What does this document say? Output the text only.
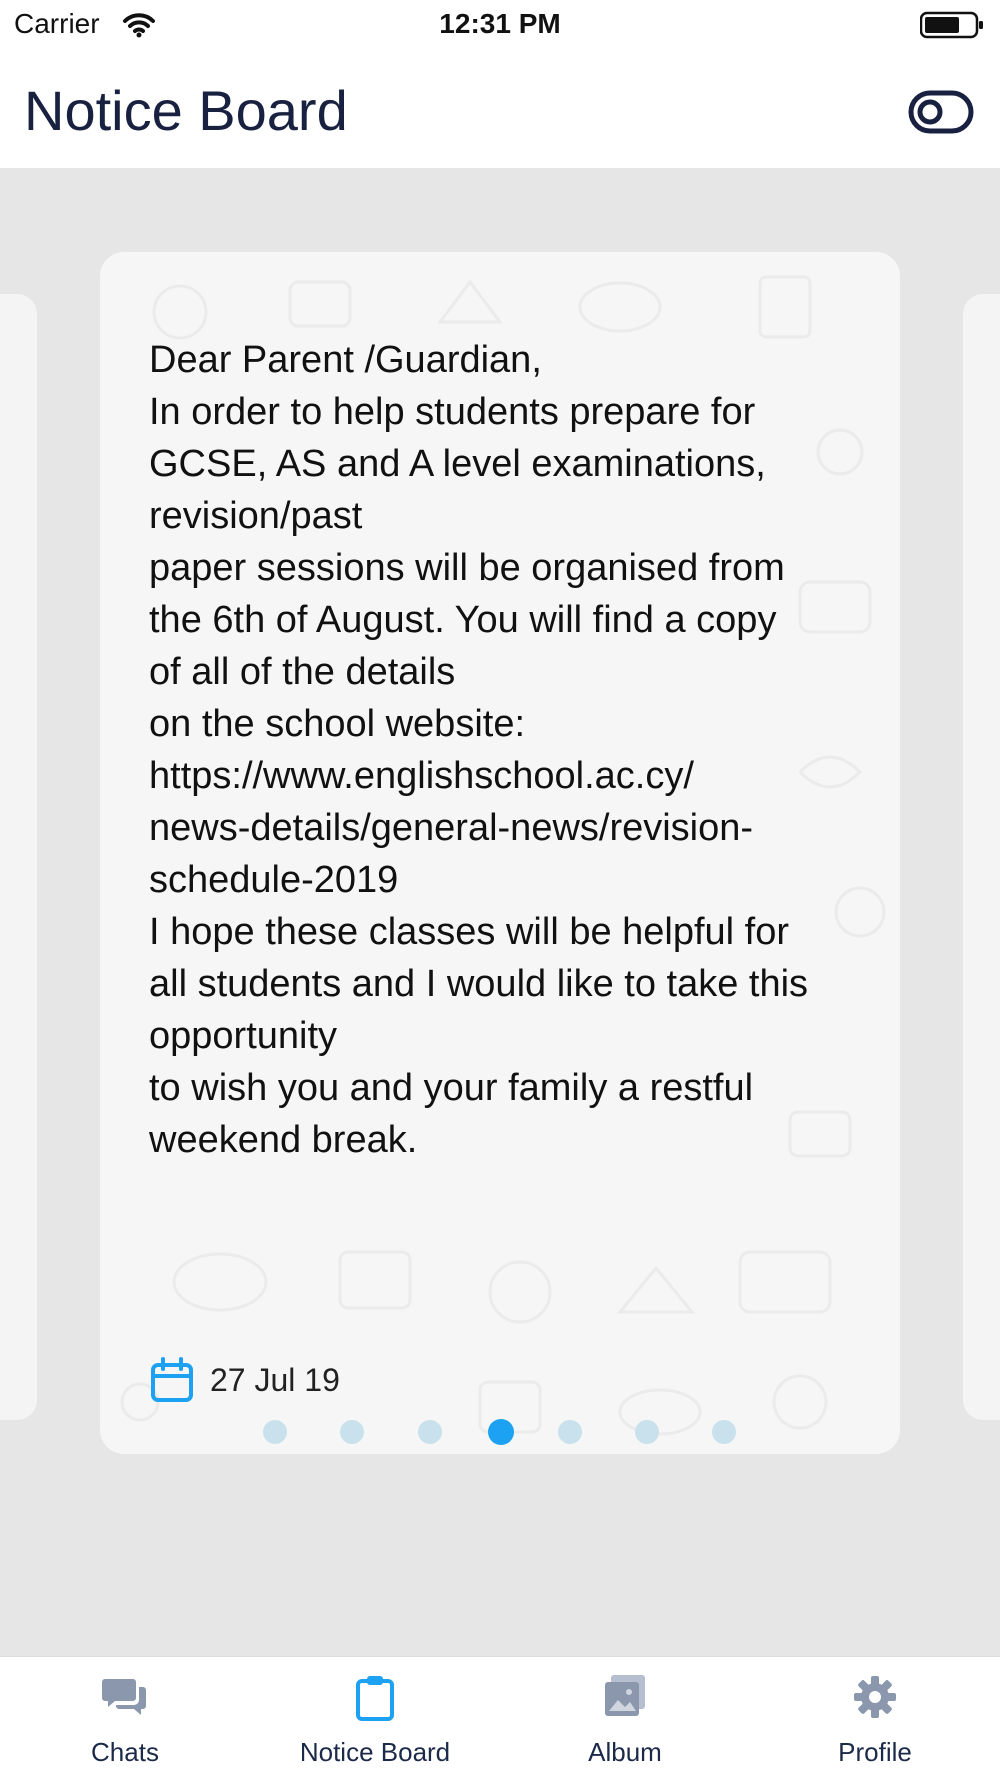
Carrier	12:31 PM
Notice Board
Dear Parent /Guardian,
In order to help students prepare for
GCSE, AS and A level examinations,
revision/past
paper sessions will be organised from
the 6th of August. You will find a copy
of all of the details
on the school website:
https://www.englishschool.ac.cy/
news-details/general-news/revision-
schedule-2019
I hope these classes will be helpful for
all students and I would like to take this
opportunity
to wish you and your family a restful
weekend break.
27 Jul 19
Chats	Notice Board	Album	Profile
